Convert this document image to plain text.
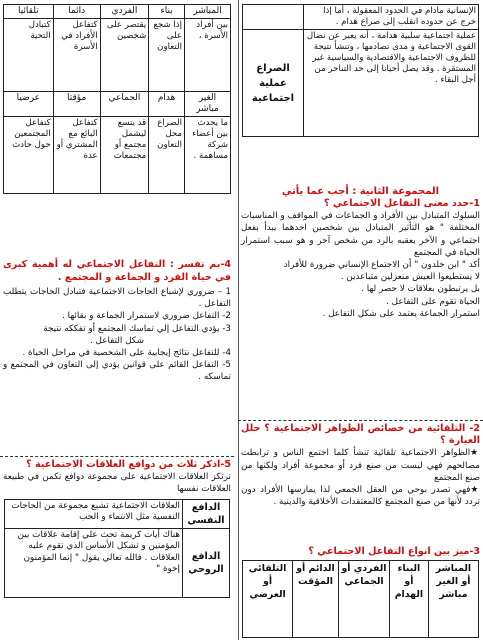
الإنسانية مادام في الحدود المعقولة ، أما إذا خرج عن حدوده انقلب إلى صراع هدام .	
عملية اجتماعية سلبية هدامة ، أنه يعبر عن نضال القوى الاجتماعية و مدى تصادمها ، وتنشأ نتيجة للظروف الاجتماعية والاقتصادية والسياسية غير المستقرة . وقد يصل أحيانا إلى حد التناحر من أجل البقاء .	الصراع عملية اجتماعية
المجموعة الثانية : أجب عما يأتي
1-حدد معنى التفاعل الاجتماعي ؟

السلوك المتبادل بين الأفراد و الجماعات في المواقف و المناسبات المختلفة " هو التأثير المتبادل بين شخصين احدهما يبدأ بفعل اجتماعي و الآخر يعقبه بالرد من شخص آخر و هو سبب استمرار الحياة في المجتمع

أكد " ابن خلدون " أن الاجتماع الإنساني ضرورة للأفراد

لا يستطيعوا العيش منعزلين متباعدين .

بل يرتبطون بعلاقات لا حصر لها .

الحياة تقوم على التفاعل .

استمرار الجماعة يعتمد على شكل التفاعل .

2- التلقائية من خصائص الظواهر الاجتماعية ؟ حلل العبارة ؟

★الظواهر الاجتماعية تلقائية تنشأ كلما اجتمع الناس و ترابطت مصالحهم فهي ليست من صنع فرد أو مجموعة أفراد ولكنها من صنع المجتمع

★فهي تصدر بوحي من العقل الجمعي لذا يمارسها الأفراد دون تردد لأنها من صنع المجتمع كالمعتقدات الأخلاقية والدينية .

3-ميز بين انواع التفاعل الاجتماعي ؟
المباشر أو الغير مباشر	البناء أو الهدام	الفردي أو الجماعي	الدائم أو المؤقت	التلقائي أو العرضي
المباشر	بناء	الفردي	دائما	تلقائيا
بين أفراد الأسرة ،	إذا شجع على التعاون	يقتصر على شخصين	كتفاعل الأفراد في الأسرة	كتبادل التحية
الغير مباشر	هدام	الجماعي	مؤقتا	عرضيا
ما يحدث بين أعضاء شركة مساهمة .	الصراع محل التعاون	قد يتسع ليشمل مجتمع أو مجتمعات	كتفاعل البائع مع المشتري أو عدة	كتفاعل المجتمعين حول حادث
4-بم تفسر : التفاعل الاجتماعي له أهمية كبرى في حياة الفرد و الجماعة و المجتمع .

1 – ضروري لإشباع الحاجات الاجتماعية فتبادل الحاجات يتطلب التفاعل .

2- التفاعل ضروري لاستمرار الجماعة و بقائها .

3- يؤدي التفاعل إلي تماسك المجتمع أو تفككه نتيجة

شكل التفاعل .

4- للتفاعل نتائج إيجابية على الشخصية في مراحل الحياة .

5- التفاعل القائم على قوانين يؤدي إلى التعاون في المجتمع و تماسكه .

5-اذكر ثلاث من دوافع العلاقات الاجتماعية ؟

ترتكز العلاقات الاجتماعية على مجموعة دوافع تكمن في طبيعة العلاقات نفسها

الدافع النفسي	العلاقات الاجتماعية تشبع مجموعة من الحاجات النفسية مثل الانتماء و الحب
الدافع الروحي	هناك أيات كريمة تحث علي إقامة علاقات بين المؤمنين و تشكل الأساس الذي تقوم عليه العلاقات . فالله تعالي يقول " إنما المؤمنون إخوة "
